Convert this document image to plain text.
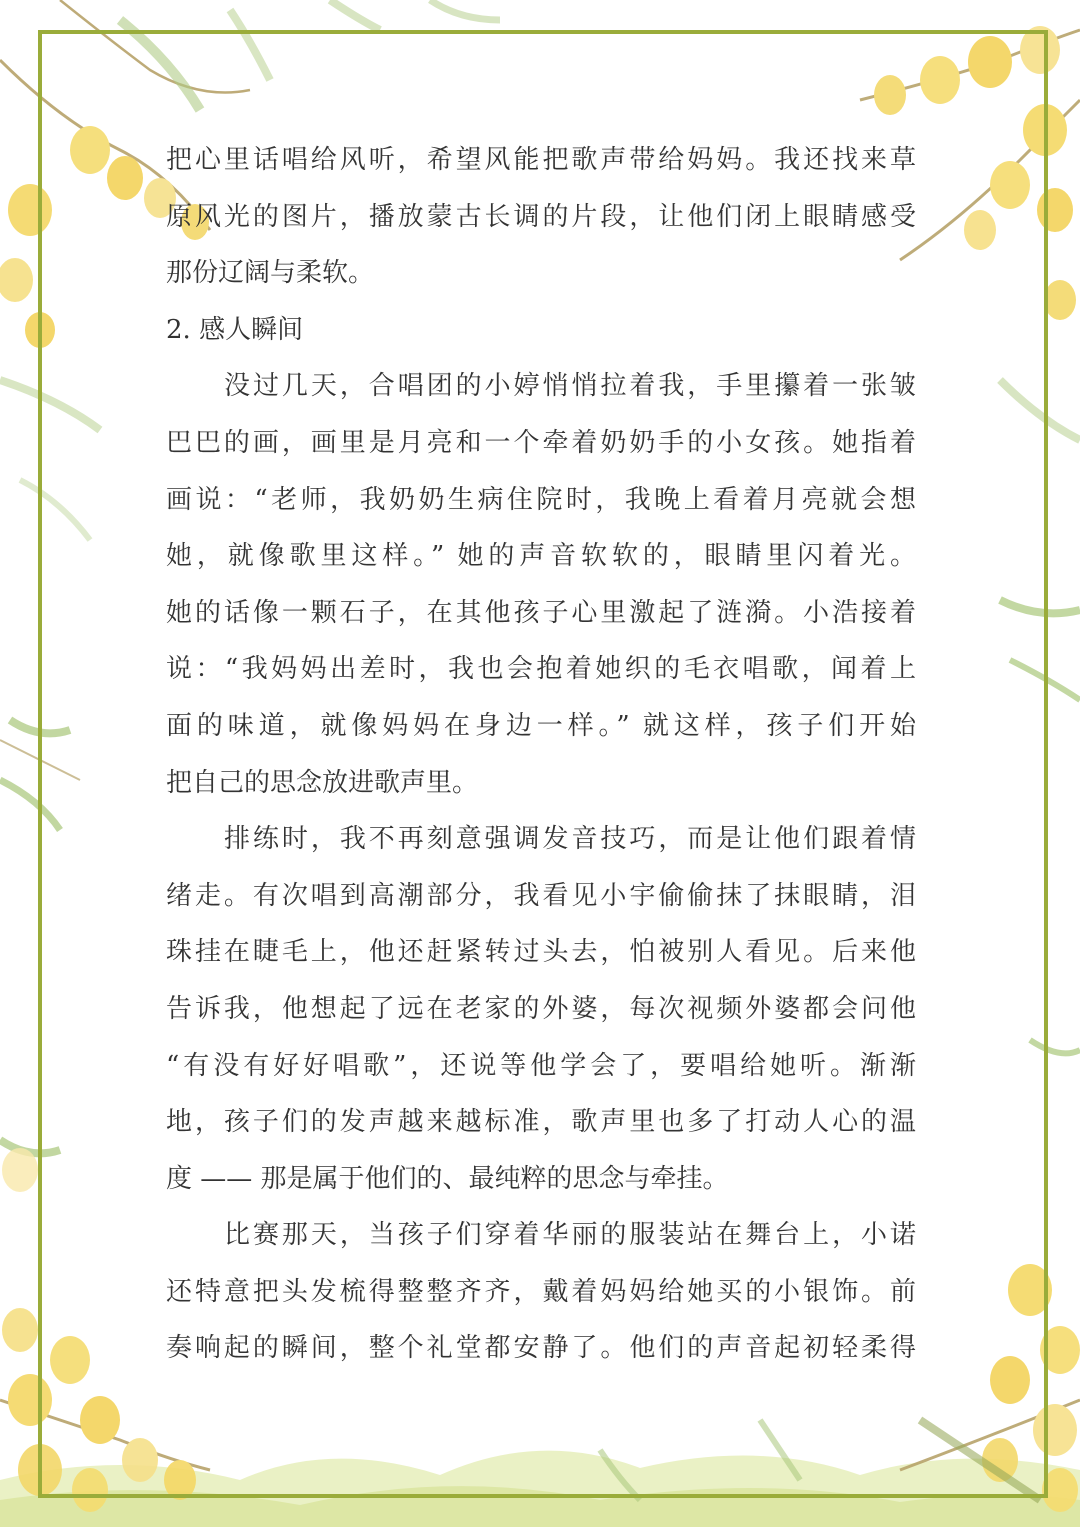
把心里话唱给风听，希望风能把歌声带给妈妈。我还找来草
原风光的图片，播放蒙古长调的片段，让他们闭上眼睛感受
那份辽阔与柔软。
2. 感人瞬间
没过几天，合唱团的小婷悄悄拉着我，手里攥着一张皱
巴巴的画，画里是月亮和一个牵着奶奶手的小女孩。她指着
画说：“老师，我奶奶生病住院时，我晚上看着月亮就会想
她，就像歌里这样。” 她的声音软软的，眼睛里闪着光。
她的话像一颗石子，在其他孩子心里激起了涟漪。小浩接着
说：“我妈妈出差时，我也会抱着她织的毛衣唱歌，闻着上
面的味道，就像妈妈在身边一样。” 就这样，孩子们开始
把自己的思念放进歌声里。
排练时，我不再刻意强调发音技巧，而是让他们跟着情
绪走。有次唱到高潮部分，我看见小宇偷偷抹了抹眼睛，泪
珠挂在睫毛上，他还赶紧转过头去，怕被别人看见。后来他
告诉我，他想起了远在老家的外婆，每次视频外婆都会问他
“有没有好好唱歌”，还说等他学会了，要唱给她听。渐渐
地，孩子们的发声越来越标准，歌声里也多了打动人心的温
度 —— 那是属于他们的、最纯粹的思念与牵挂。
比赛那天，当孩子们穿着华丽的服装站在舞台上，小诺
还特意把头发梳得整整齐齐，戴着妈妈给她买的小银饰。前
奏响起的瞬间，整个礼堂都安静了。他们的声音起初轻柔得
